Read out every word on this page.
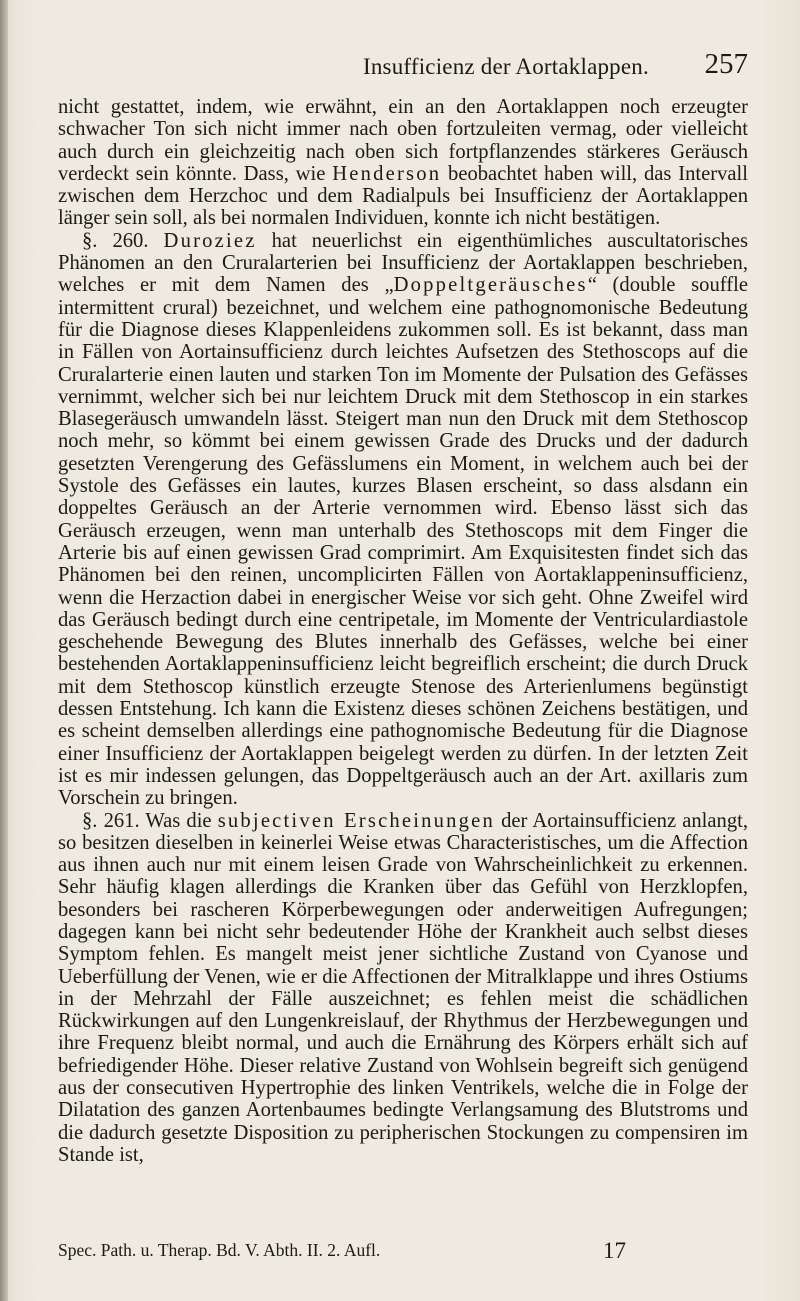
Insufficienz der Aortaklappen. 257

nicht gestattet, indem, wie erwähnt, ein an den Aortaklappen noch erzeugter schwacher Ton sich nicht immer nach oben fortzuleiten vermag, oder vielleicht auch durch ein gleichzeitig nach oben sich fortpflanzendes stärkeres Geräusch verdeckt sein könnte. Dass, wie Henderson beobachtet haben will, das Intervall zwischen dem Herzchoc und dem Radialpuls bei Insufficienz der Aortaklappen länger sein soll, als bei normalen Individuen, konnte ich nicht bestätigen.

§. 260. Duroziez hat neuerlichst ein eigenthümliches auscultatorisches Phänomen an den Cruralarterien bei Insufficienz der Aortaklappen beschrieben, welches er mit dem Namen des „Doppeltgeräusches“ (double souffle intermittent crural) bezeichnet, und welchem eine pathognomonische Bedeutung für die Diagnose dieses Klappenleidens zukommen soll. Es ist bekannt, dass man in Fällen von Aortainsufficienz durch leichtes Aufsetzen des Stethoscops auf die Cruralarterie einen lauten und starken Ton im Momente der Pulsation des Gefässes vernimmt, welcher sich bei nur leichtem Druck mit dem Stethoscop in ein starkes Blasegeräusch umwandeln lässt. Steigert man nun den Druck mit dem Stethoscop noch mehr, so kömmt bei einem gewissen Grade des Drucks und der dadurch gesetzten Verengerung des Gefässlumens ein Moment, in welchem auch bei der Systole des Gefässes ein lautes, kurzes Blasen erscheint, so dass alsdann ein doppeltes Geräusch an der Arterie vernommen wird. Ebenso lässt sich das Geräusch erzeugen, wenn man unterhalb des Stethoscops mit dem Finger die Arterie bis auf einen gewissen Grad comprimirt. Am Exquisitesten findet sich das Phänomen bei den reinen, uncomplicirten Fällen von Aortaklappeninsufficienz, wenn die Herzaction dabei in energischer Weise vor sich geht. Ohne Zweifel wird das Geräusch bedingt durch eine centripetale, im Momente der Ventriculardiastole geschehende Bewegung des Blutes innerhalb des Gefässes, welche bei einer bestehenden Aortaklappeninsufficienz leicht begreiflich erscheint; die durch Druck mit dem Stethoscop künstlich erzeugte Stenose des Arterienlumens begünstigt dessen Entstehung. Ich kann die Existenz dieses schönen Zeichens bestätigen, und es scheint demselben allerdings eine pathognomische Bedeutung für die Diagnose einer Insufficienz der Aortaklappen beigelegt werden zu dürfen. In der letzten Zeit ist es mir indessen gelungen, das Doppeltgeräusch auch an der Art. axillaris zum Vorschein zu bringen.

§. 261. Was die subjectiven Erscheinungen der Aortainsufficienz anlangt, so besitzen dieselben in keinerlei Weise etwas Characteristisches, um die Affection aus ihnen auch nur mit einem leisen Grade von Wahrscheinlichkeit zu erkennen. Sehr häufig klagen allerdings die Kranken über das Gefühl von Herzklopfen, besonders bei rascheren Körperbewegungen oder anderweitigen Aufregungen; dagegen kann bei nicht sehr bedeutender Höhe der Krankheit auch selbst dieses Symptom fehlen. Es mangelt meist jener sichtliche Zustand von Cyanose und Ueberfüllung der Venen, wie er die Affectionen der Mitralklappe und ihres Ostiums in der Mehrzahl der Fälle auszeichnet; es fehlen meist die schädlichen Rückwirkungen auf den Lungenkreislauf, der Rhythmus der Herzbewegungen und ihre Frequenz bleibt normal, und auch die Ernährung des Körpers erhält sich auf befriedigender Höhe. Dieser relative Zustand von Wohlsein begreift sich genügend aus der consecutiven Hypertrophie des linken Ventrikels, welche die in Folge der Dilatation des ganzen Aortenbaumes bedingte Verlangsamung des Blutstroms und die dadurch gesetzte Disposition zu peripherischen Stockungen zu compensiren im Stande ist,

Spec. Path. u. Therap. Bd. V. Abth. II. 2. Aufl.	17
